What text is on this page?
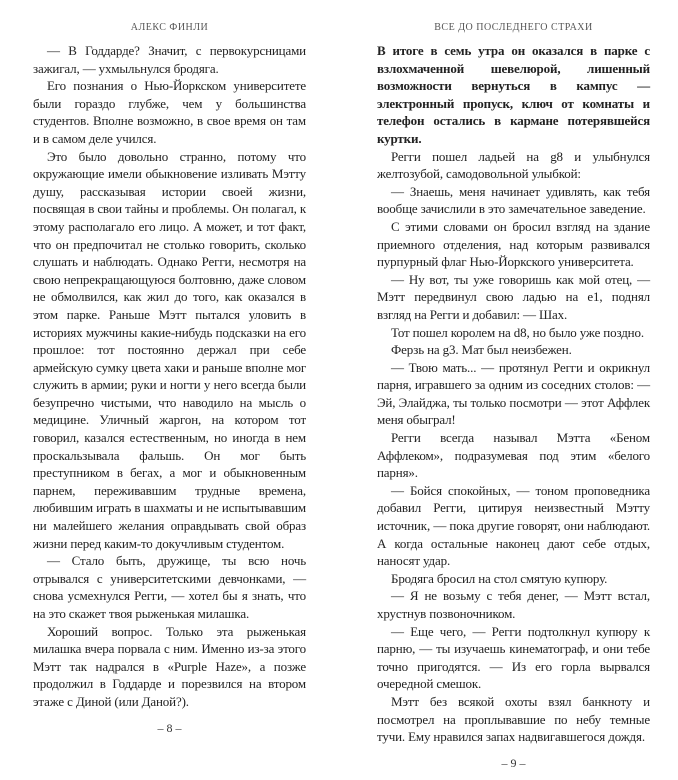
АЛЕКС ФИНЛИ

— В Годдарде? Значит, с первокурсницами зажигал, — ухмыльнулся бродяга.

Его познания о Нью-Йоркском университете были гораздо глубже, чем у большинства студентов. Вполне возможно, в свое время он там и в самом деле учился.

Это было довольно странно, потому что окружающие имели обыкновение изливать Мэтту душу, рассказывая истории своей жизни, посвящая в свои тайны и проблемы. Он полагал, к этому располагало его лицо. А может, и тот факт, что он предпочитал не столько говорить, сколько слушать и наблюдать. Однако Регги, несмотря на свою непрекращающуюся болтовню, даже словом не обмолвился, как жил до того, как оказался в этом парке. Раньше Мэтт пытался уловить в историях мужчины какие-нибудь подсказки на его прошлое: тот постоянно держал при себе армейскую сумку цвета хаки и раньше вполне мог служить в армии; руки и ногти у него всегда были безупречно чистыми, что наводило на мысль о медицине. Уличный жаргон, на котором тот говорил, казался естественным, но иногда в нем проскальзывала фальшь. Он мог быть преступником в бегах, а мог и обыкновенным парнем, переживавшим трудные времена, любившим играть в шахматы и не испытывавшим ни малейшего желания оправдывать свой образ жизни перед каким-то докучливым студентом.

— Стало быть, дружище, ты всю ночь отрывался с университетскими девчонками, — снова усмехнулся Регги, — хотел бы я знать, что на это скажет твоя рыженькая милашка.

Хороший вопрос. Только эта рыженькая милашка вчера порвала с ним. Именно из-за этого Мэтт так надрался в «Purple Haze», а позже продолжил в Годдарде и порезвился на втором этаже с Диной (или Даной?).

– 8 –
ВСЕ ДО ПОСЛЕДНЕГО СТРАХИ

В итоге в семь утра он оказался в парке с взлохмаченной шевелюрой, лишенный возможности вернуться в кампус — электронный пропуск, ключ от комнаты и телефон остались в кармане потерявшейся куртки.

Регги пошел ладьей на g8 и улыбнулся желтозубой, самодовольной улыбкой:

— Знаешь, меня начинает удивлять, как тебя вообще зачислили в это замечательное заведение.

С этими словами он бросил взгляд на здание приемного отделения, над которым развивался пурпурный флаг Нью-Йоркского университета.

— Ну вот, ты уже говоришь как мой отец, — Мэтт передвинул свою ладью на e1, поднял взгляд на Регги и добавил: — Шах.

Тот пошел королем на d8, но было уже поздно.

Ферзь на g3. Мат был неизбежен.

— Твою мать... — протянул Регги и окрикнул парня, игравшего за одним из соседних столов: — Эй, Элайджа, ты только посмотри — этот Аффлек меня обыграл!

Регги всегда называл Мэтта «Беном Аффлеком», подразумевая под этим «белого парня».

— Бойся спокойных, — тоном проповедника добавил Регги, цитируя неизвестный Мэтту источник, — пока другие говорят, они наблюдают. А когда остальные наконец дают себе отдых, наносят удар.

Бродяга бросил на стол смятую купюру.

— Я не возьму с тебя денег, — Мэтт встал, хрустнув позвоночником.

— Еще чего, — Регги подтолкнул купюру к парню, — ты изучаешь кинематограф, и они тебе точно пригодятся. — Из его горла вырвался очередной смешок.

Мэтт без всякой охоты взял банкноту и посмотрел на проплывавшие по небу темные тучи. Ему нравился запах надвигавшегося дождя.

– 9 –
